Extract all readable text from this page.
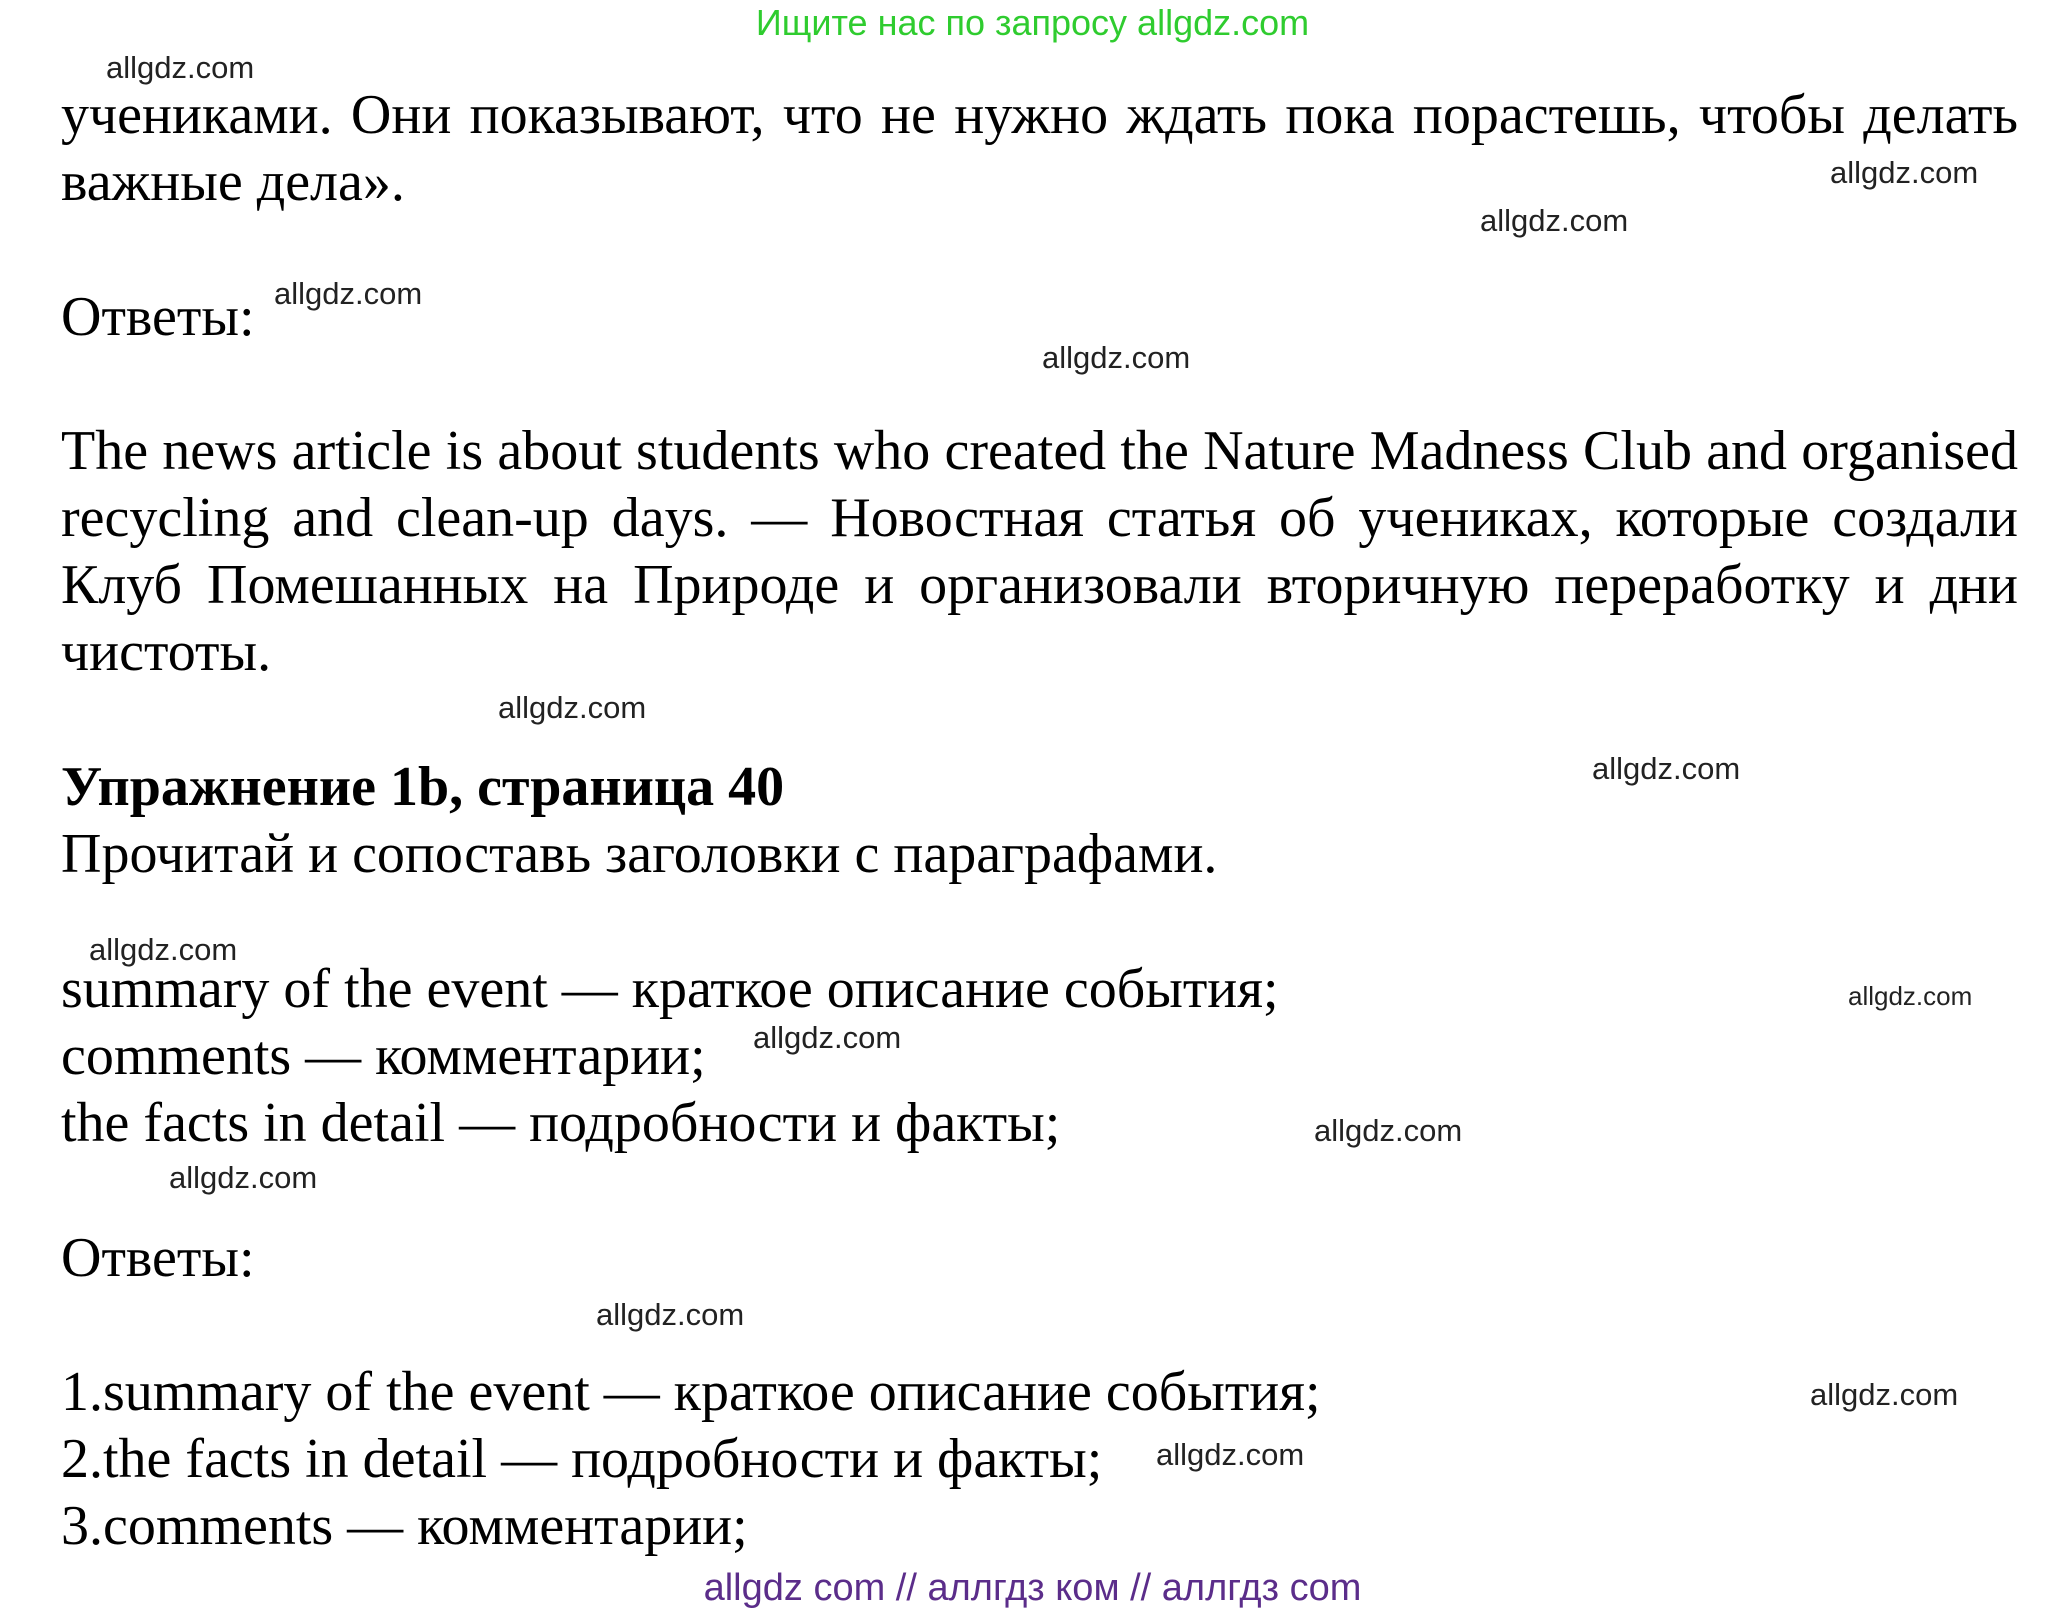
Ищите нас по запросу allgdz.com

учениками. Они показывают, что не нужно ждать пока порастешь, чтобы делать важные дела».

Ответы:

The news article is about students who created the Nature Madness Club and organised recycling and clean-up days. — Новостная статья об учениках, которые создали Клуб Помешанных на Природе и организовали вторичную переработку и дни чистоты.

Упражнение 1b, страница 40

Прочитай и сопоставь заголовки с параграфами.

summary of the event — краткое описание события;
comments — комментарии;
the facts in detail — подробности и факты;

Ответы:

1.summary of the event — краткое описание события;
2.the facts in detail — подробности и факты;
3.comments — комментарии;
allgdz.com
allgdz.com
allgdz.com
allgdz.com
allgdz.com
allgdz.com
allgdz.com
allgdz.com
allgdz.com
allgdz.com
allgdz.com
allgdz.com
allgdz.com
allgdz.com
allgdz.com
allgdz com // аллгдз ком // аллгдз com
